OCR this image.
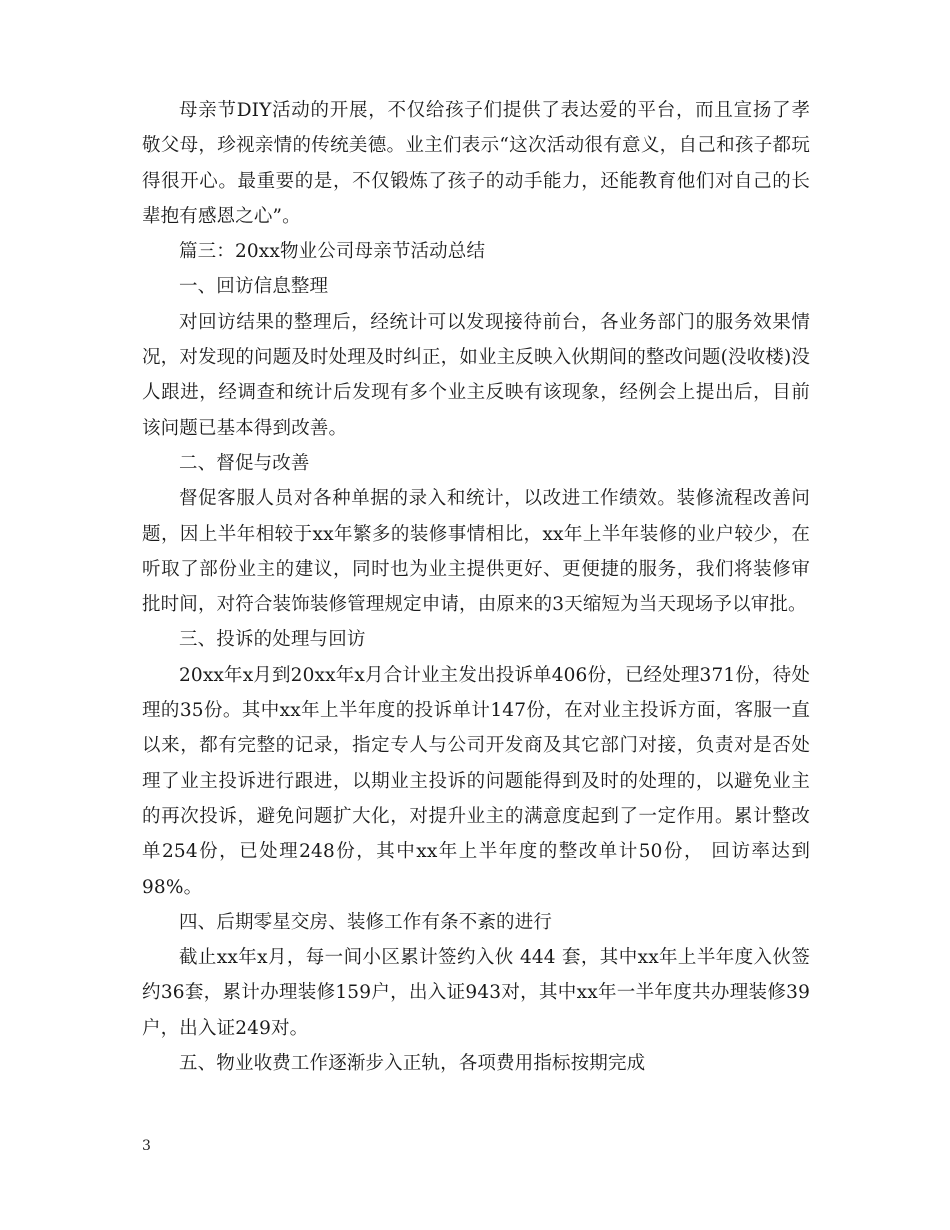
母亲节DIY活动的开展，不仅给孩子们提供了表达爱的平台，而且宣扬了孝敬父母，珍视亲情的传统美德。业主们表示“这次活动很有意义，自己和孩子都玩得很开心。最重要的是，不仅锻炼了孩子的动手能力，还能教育他们对自己的长辈抱有感恩之心”。

篇三：20xx物业公司母亲节活动总结

一、回访信息整理

对回访结果的整理后，经统计可以发现接待前台，各业务部门的服务效果情况，对发现的问题及时处理及时纠正，如业主反映入伙期间的整改问题(没收楼)没人跟进，经调查和统计后发现有多个业主反映有该现象，经例会上提出后，目前该问题已基本得到改善。

二、督促与改善

督促客服人员对各种单据的录入和统计，以改进工作绩效。装修流程改善问题，因上半年相较于xx年繁多的装修事情相比，xx年上半年装修的业户较少，在听取了部份业主的建议，同时也为业主提供更好、更便捷的服务，我们将装修审批时间，对符合装饰装修管理规定申请，由原来的3天缩短为当天现场予以审批。

三、投诉的处理与回访

20xx年x月到20xx年x月合计业主发出投诉单406份，已经处理371份，待处理的35份。其中xx年上半年度的投诉单计147份，在对业主投诉方面，客服一直以来，都有完整的记录，指定专人与公司开发商及其它部门对接，负责对是否处理了业主投诉进行跟进，以期业主投诉的问题能得到及时的处理的，以避免业主的再次投诉，避免问题扩大化，对提升业主的满意度起到了一定作用。累计整改单254份，已处理248份，其中xx年上半年度的整改单计50份， 回访率达到98%。

四、后期零星交房、装修工作有条不紊的进行

截止xx年x月，每一间小区累计签约入伙 444 套，其中xx年上半年度入伙签约36套，累计办理装修159户，出入证943对，其中xx年一半年度共办理装修39户，出入证249对。

五、物业收费工作逐渐步入正轨，各项费用指标按期完成

3
